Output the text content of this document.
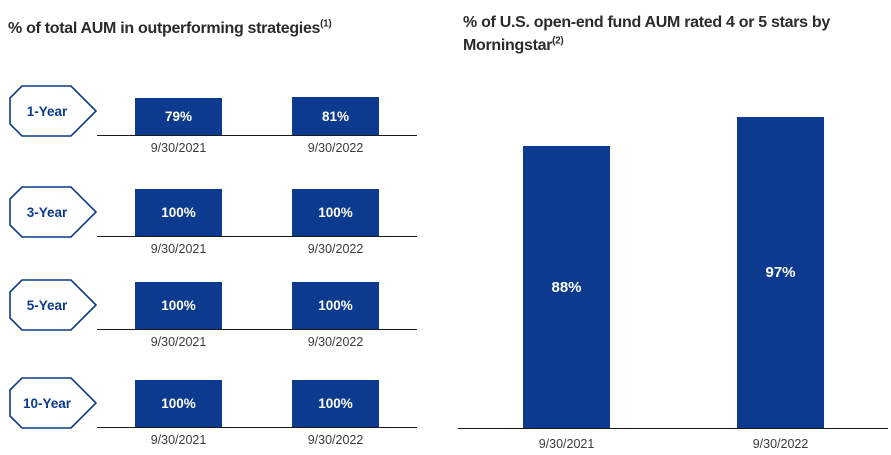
% of total AUM in outperforming strategies$^{(1)}$	% of U.S. open-end fund AUM rated 4 or 5 stars by Morningstar$^{(2)}$
1-Year	79%
9/30/2021
81%
9/30/2022
3-Year	100%
9/30/2021
100%
9/30/2022
5-Year	100%
9/30/2021
100%
9/30/2022
10-Year	100%
9/30/2021
100%
9/30/2022
88%
9/30/2021
97%
9/30/2022
